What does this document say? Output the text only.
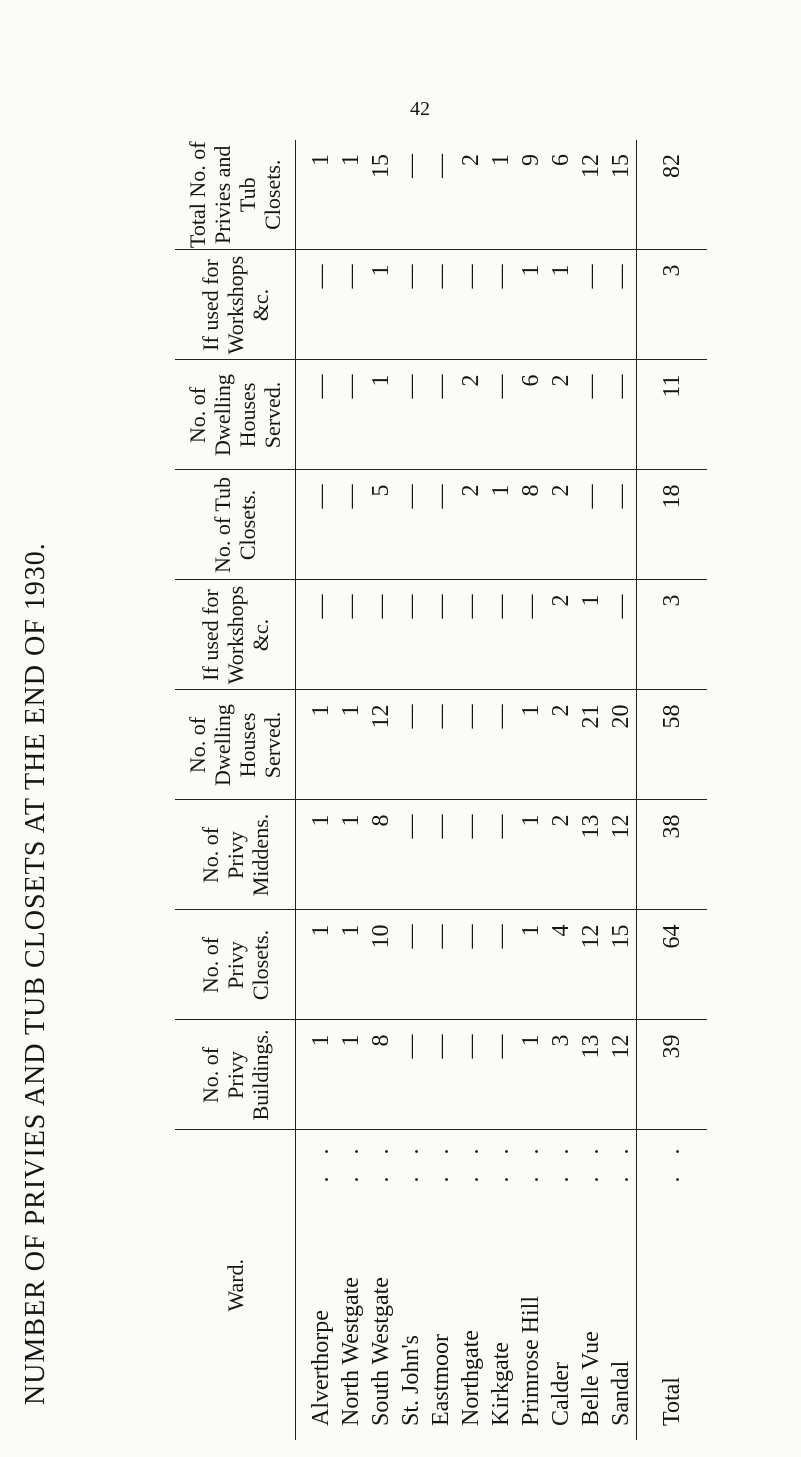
42
NUMBER OF PRIVIES AND TUB CLOSETS AT THE END OF 1930.	Ward.	No. of Privy Buildings.	No. of Privy Closets.	No. of Privy Middens.	No. of Dwelling Houses Served.	If used for Workshops &c.	No. of Tub Closets.	No. of Dwelling Houses Served.	If used for Workshops &c.	Total No. of Privies and Tub Closets.
Alverthorpe
. .	1	1	1	1	—	—	—	—	1
North Westgate
. .	1	1	1	1	—	—	—	—	1
South Westgate
. .	8	10	8	12	—	5	1	1	15
St. John's
. .	—	—	—	—	—	—	—	—	—
Eastmoor
. .	—	—	—	—	—	—	—	—	—
Northgate
. .	—	—	—	—	—	2	2	—	2
Kirkgate
. .	—	—	—	—	—	1	—	—	1
Primrose Hill
. .	1	1	1	1	—	8	6	1	9
Calder
. .	3	4	2	2	2	2	2	1	6
Belle Vue
. .	13	12	13	21	1	—	—	—	12
Sandal
. .	12	15	12	20	—	—	—	—	15
Total
. .	39	64	38	58	3	18	11	3	82
